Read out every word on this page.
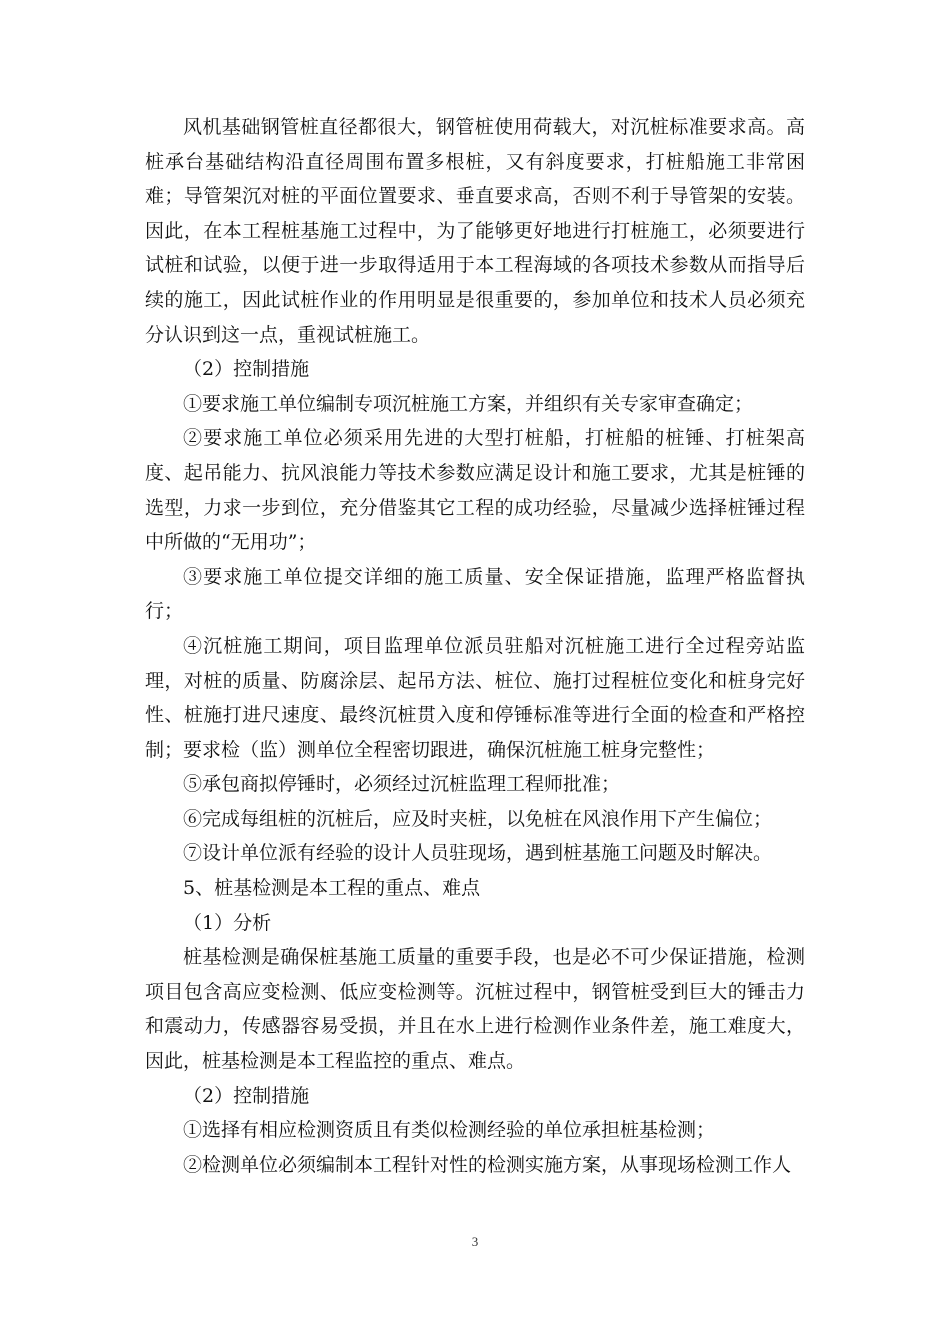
风机基础钢管桩直径都很大，钢管桩使用荷载大，对沉桩标准要求高。高桩承台基础结构沿直径周围布置多根桩，又有斜度要求，打桩船施工非常困难；导管架沉对桩的平面位置要求、垂直要求高，否则不利于导管架的安装。因此，在本工程桩基施工过程中，为了能够更好地进行打桩施工，必须要进行试桩和试验，以便于进一步取得适用于本工程海域的各项技术参数从而指导后续的施工，因此试桩作业的作用明显是很重要的，参加单位和技术人员必须充分认识到这一点，重视试桩施工。

（2）控制措施

①要求施工单位编制专项沉桩施工方案，并组织有关专家审查确定；

②要求施工单位必须采用先进的大型打桩船，打桩船的桩锤、打桩架高度、起吊能力、抗风浪能力等技术参数应满足设计和施工要求，尤其是桩锤的选型，力求一步到位，充分借鉴其它工程的成功经验，尽量减少选择桩锤过程中所做的“无用功”；

③要求施工单位提交详细的施工质量、安全保证措施，监理严格监督执行；

④沉桩施工期间，项目监理单位派员驻船对沉桩施工进行全过程旁站监理，对桩的质量、防腐涂层、起吊方法、桩位、施打过程桩位变化和桩身完好性、桩施打进尺速度、最终沉桩贯入度和停锤标准等进行全面的检查和严格控制；要求检（监）测单位全程密切跟进，确保沉桩施工桩身完整性；

⑤承包商拟停锤时，必须经过沉桩监理工程师批准；

⑥完成每组桩的沉桩后，应及时夹桩，以免桩在风浪作用下产生偏位；

⑦设计单位派有经验的设计人员驻现场，遇到桩基施工问题及时解决。

5、桩基检测是本工程的重点、难点

（1）分析

桩基检测是确保桩基施工质量的重要手段，也是必不可少保证措施，检测项目包含高应变检测、低应变检测等。沉桩过程中，钢管桩受到巨大的锤击力和震动力，传感器容易受损，并且在水上进行检测作业条件差，施工难度大，因此，桩基检测是本工程监控的重点、难点。

（2）控制措施

①选择有相应检测资质且有类似检测经验的单位承担桩基检测；

②检测单位必须编制本工程针对性的检测实施方案，从事现场检测工作人

3
